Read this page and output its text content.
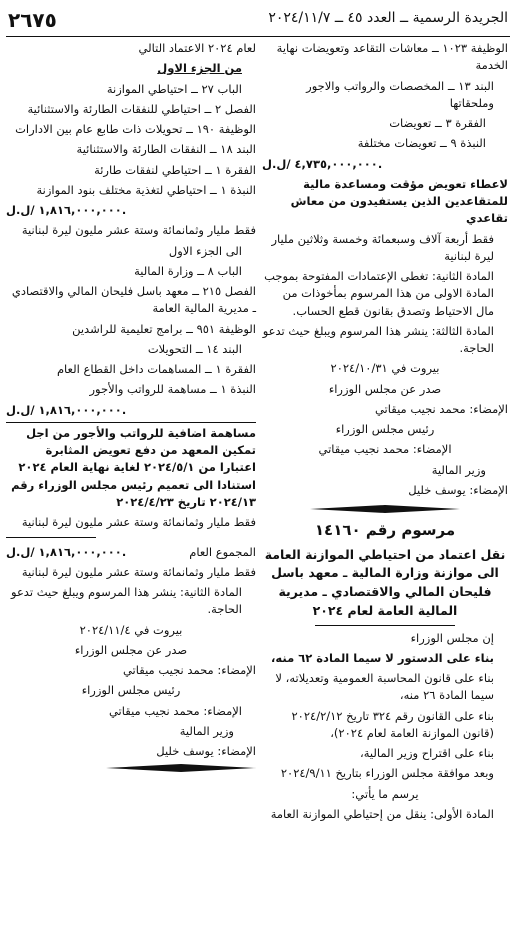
الجريدة الرسمية ــ العدد ٤٥ ــ ٢٠٢٤/١١/٧
٢٦٧٥

الوظيفة ١٠٢٣ ــ معاشات التقاعد وتعويضات نهاية الخدمة

البند ١٣ ــ المخصصات والرواتب والاجور وملحقاتها

الفقرة ٣ ــ تعويضات

النبذة ٩ ــ تعويضات مختلفة

٤,٧٣٥,٠٠٠,٠٠٠ /ل.ل.

لاعطاء تعويض مؤقت ومساعدة مالية للمتقاعدين الذين يستفيدون من معاش تقاعدي

فقط أربعة آلاف وسبعمائة وخمسة وثلاثين مليار ليرة لبنانية

المادة الثانية: تغطى الإعتمادات المفتوحة بموجب المادة الاولى من هذا المرسوم بمأخوذات من مال الاحتياط وتصدق بقانون قطع الحساب.

المادة الثالثة: ينشر هذا المرسوم ويبلغ حيث تدعو الحاجة.

بيروت في ٢٠٢٤/١٠/٣١

صدر عن مجلس الوزراء

الإمضاء: محمد نجيب ميقاتي

رئيس مجلس الوزراء

الإمضاء: محمد نجيب ميقاتي

وزير المالية

الإمضاء: يوسف خليل

مرسوم رقم ١٤١٦٠

نقل اعتماد من احتياطي الموازنة العامة الى موازنة وزارة المالية ـ معهد باسل فليحان المالي والاقتصادي ـ مديرية المالية العامة لعام ٢٠٢٤

إن مجلس الوزراء

بناء على الدستور لا سيما المادة ٦٢ منه،

بناء على قانون المحاسبة العمومية وتعديلاته، لا سيما المادة ٢٦ منه،

بناء على القانون رقم ٣٢٤ تاريخ ٢٠٢٤/٢/١٢ (قانون الموازنة العامة لعام ٢٠٢٤)،

بناء على اقتراح وزير المالية،

وبعد موافقة مجلس الوزراء بتاريخ ٢٠٢٤/٩/١١

يرسم ما يأتي:

المادة الأولى: ينقل من إحتياطي الموازنة العامة

لعام ٢٠٢٤ الاعتماد التالي

من الجزء الاول

الباب ٢٧ ــ احتياطي الموازنة

الفصل ٢ ــ احتياطي للنفقات الطارئة والاستثنائية

الوظيفة ١٩٠ ــ تحويلات ذات طابع عام بين الادارات

البند ١٨ ــ النفقات الطارئة والاستثنائية

الفقرة ١ ــ احتياطي لنفقات طارئة

النبذة ١ ــ احتياطي لتغذية مختلف بنود الموازنة

١,٨١٦,٠٠٠,٠٠٠ /ل.ل.

فقط مليار وثمانمائة وستة عشر مليون ليرة لبنانية

الى الجزء الاول

الباب ٨ ــ وزارة المالية

الفصل ٢١٥ ــ معهد باسل فليحان المالي والاقتصادي ـ مديرية المالية العامة

الوظيفة ٩٥١ ــ برامج تعليمية للراشدين

البند ١٤ ــ التحويلات

الفقرة ١ ــ المساهمات داخل القطاع العام

النبذة ١ ــ مساهمة للرواتب والأجور

١,٨١٦,٠٠٠,٠٠٠ /ل.ل.

مساهمة اضافية للرواتب والأجور من اجل تمكين المعهد من دفع تعويض المثابرة اعتبارا من ٢٠٢٤/٥/١ لغاية نهاية العام ٢٠٢٤ استنادا الى تعميم رئيس مجلس الوزراء رقم ٢٠٢٤/١٣ تاريخ ٢٠٢٤/٤/٢٣

فقط مليار وثمانمائة وستة عشر مليون ليرة لبنانية

المجموع العام

١,٨١٦,٠٠٠,٠٠٠ /ل.ل.

فقط مليار وثمانمائة وستة عشر مليون ليرة لبنانية

المادة الثانية: ينشر هذا المرسوم ويبلغ حيث تدعو الحاجة.

بيروت في ٢٠٢٤/١١/٤

صدر عن مجلس الوزراء

الإمضاء: محمد نجيب ميقاتي

رئيس مجلس الوزراء

الإمضاء: محمد نجيب ميقاتي

وزير المالية

الإمضاء: يوسف خليل
